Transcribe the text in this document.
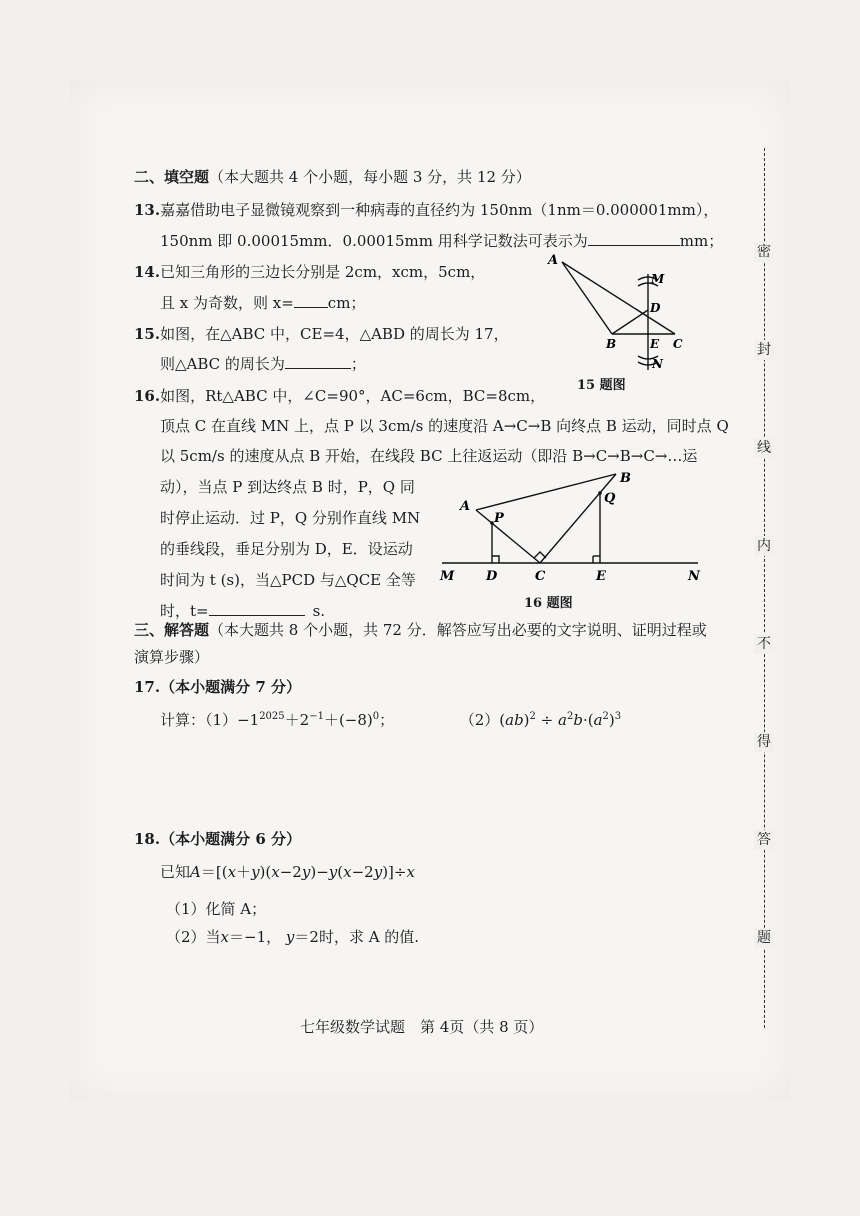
二、填空题（本大题共 4 个小题，每小题 3 分，共 12 分）
13.嘉嘉借助电子显微镜观察到一种病毒的直径约为 150nm（1nm＝0.000001mm），
150nm 即 0.00015mm．0.00015mm 用科学记数法可表示为	mm；
14.已知三角形的三边长分别是 2cm，xcm，5cm，
且 x 为奇数，则 x= cm；
15.如图，在△ABC 中，CE=4，△ABD 的周长为 17，
则△ABC 的周长为	；
A
M
D
B	E C
N
15 题图
16.如图，Rt△ABC 中，∠C=90°，AC=6cm，BC=8cm，
顶点 C 在直线 MN 上，点 P 以 3cm/s 的速度沿 A→C→B 向终点 B 运动，同时点 Q
以 5cm/s 的速度从点 B 开始，在线段 BC 上往返运动（即沿 B→C→B→C→…运
动），当点 P 到达终点 B 时，P，Q 同
时停止运动．过 P，Q 分别作直线 MN
的垂线段，垂足分别为 D，E．设运动
时间为 t (s)，当△PCD 与△QCE 全等
时，t=	s.
A
B
P
Q
M D	C	E	N
16 题图
三、解答题（本大题共 8 个小题，共 72 分．解答应写出必要的文字说明、证明过程或
演算步骤）
17.（本小题满分 7 分）
计算：$(1)-1^{2025}+2^{-1}+(-8)^0$；	$(2)(ab)^2 \div a^2b\cdot(a^2)^3$
18.（本小题满分 6 分）
已知A＝[(x＋y)(x−2y)−y(x−2y)]÷x
（1）化简 A；
（2）当x＝−1， y＝2时，求 A 的值.
七年级数学试题　第 4页（共 8 页）
密
封
线
内
不
得
答
题
